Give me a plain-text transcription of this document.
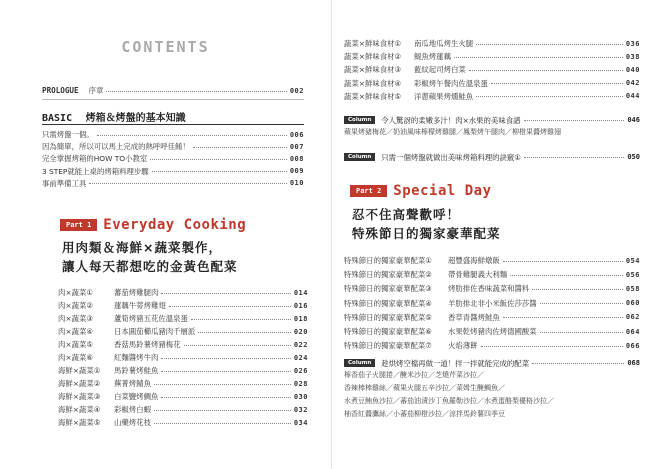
CONTENTS
PROLOGUE 序章	002
BASIC 烤箱＆烤盤的基本知識
只需烤盤一個。	006
因為簡單，所以可以馬上完成的熱呼呼佳餚！	007
完全掌握烤箱的HOW TO小教室	008
3 STEP就能上桌的烤箱料理步驟	009
事前準備工具	010
Part 1 Everyday Cooking
用肉類＆海鮮×蔬菜製作，
讓人每天都想吃的金黃色配菜
肉×蔬菜①	蕃茄烤雞腿肉	014
肉×蔬菜②	蓮藕牛蒡烤雞翅	016
肉×蔬菜③	蘆筍烤豬五花佐溫泉蛋	018
肉×蔬菜④	日本圓茄櫛瓜豬肉千層派	020
肉×蔬菜⑤	香菇馬鈴薯烤豬梅花	022
肉×蔬菜⑥	紅麵醬烤牛肉	024
海鮮×蔬菜①	馬鈴薯烤鮭魚	026
海鮮×蔬菜②	蕪菁烤鯖魚	028
海鮮×蔬菜③	白菜鹽烤鯛魚	030
海鮮×蔬菜④	彩椒烤白蝦	032
海鮮×蔬菜⑤	山藥烤花枝	034
蔬菜×鮮味食材①	南瓜地瓜烤生火腿	036
蔬菜×鮮味食材②	鯷魚烤蓮藕	038
蔬菜×鮮味食材③	藍紋起司烤白菜	040
蔬菜×鮮味食材④	彩椒烤午餐肉佐溫泉蛋	042
蔬菜×鮮味食材⑤	洋蔥蘋果烤燻鮭魚	044
Column	令人驚訝的柔嫩多汁！肉×水果的美味食譜	046
蘋果烤豬梅花／奶油風味檸檬烤雞腿／鳳梨烤午腿肉／柳橙果醬烤雞翅
Column	只需一個烤盤就做出美味烤箱料理的訣竅①	050
Part 2 Special Day
忍不住高聲歡呼！
特殊節日的獨家豪華配菜
特殊節日的獨家豪華配菜①	超豐盛海鮮燉飯	054
特殊節日的獨家豪華配菜②	帶骨雞腿義大利麵	056
特殊節日的獨家豪華配菜③	烤肋排佐香味蔬菜和醬料	058
特殊節日的獨家豪華配菜④	羊肋排北非小米飯佐莎莎醬	060
特殊節日的獨家豪華配菜⑤	香草青醬烤鮭魚	062
特殊節日的獨家豪華配菜⑥	水果乾烤豬肉佐烤德國酸菜	064
特殊節日的獨家豪華配菜⑦	火焰薄餅	066
Column	趁烘烤空檔再做一道！拌一拌就能完成的配菜	068
檸香茄子火腿捲／醃米沙拉／芝燒芹菜沙拉／
香辣棒棒雞絲／蘋果火腿五辛沙拉／菜姆生醃鯛魚／
水煮豆鮪魚沙拉／蕃茄油漬沙丁魚羅勒沙拉／水煮蛋酪梨優格沙拉／
柚香紅醬鷹絲／小蕃茄柳橙沙拉／涼拌馬鈴薯四季豆
